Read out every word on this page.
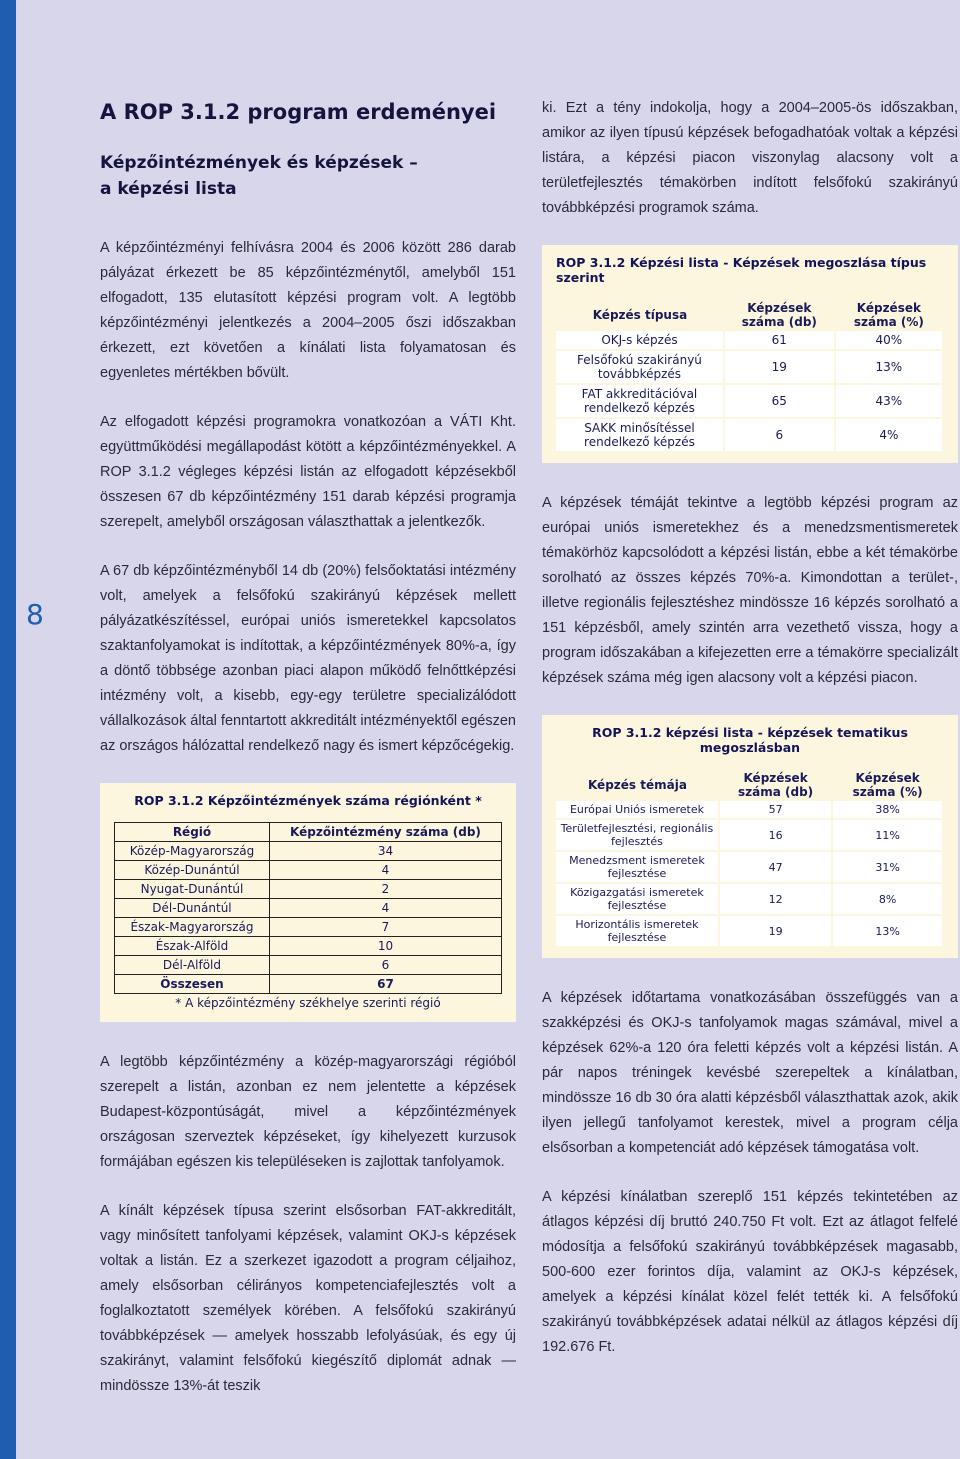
8
A ROP 3.1.2 program erdeményei
Képzőintézmények és képzések –
a képzési lista

A képzőintézményi felhívásra 2004 és 2006 között 286 darab pályázat érkezett be 85 képzőintézménytől, amelyből 151 elfogadott, 135 elutasított képzési program volt. A legtöbb képzőintézményi jelentkezés a 2004–2005 őszi időszakban érkezett, ezt követően a kínálati lista folyamatosan és egyenletes mértékben bővült.

Az elfogadott képzési programokra vonatkozóan a VÁTI Kht. együttműködési megállapodást kötött a képzőintézményekkel. A ROP 3.1.2 végleges képzési listán az elfogadott képzésekből összesen 67 db képzőintézmény 151 darab képzési programja szerepelt, amelyből országosan választhattak a jelentkezők.

A 67 db képzőintézményből 14 db (20%) felsőoktatási intézmény volt, amelyek a felsőfokú szakirányú képzések mellett pályázatkészítéssel, európai uniós ismeretekkel kapcsolatos szaktanfolyamokat is indítottak, a képzőintézmények 80%-a, így a döntő többsége azonban piaci alapon működő felnőttképzési intézmény volt, a kisebb, egy-egy területre specializálódott vállalkozások által fenntartott akkreditált intézményektől egészen az országos hálózattal rendelkező nagy és ismert képzőcégekig.

ROP 3.1.2 Képzőintézmények száma régiónként *
Régió	Képzőintézmény száma (db)
Közép-Magyarország	34
Közép-Dunántúl	4
Nyugat-Dunántúl	2
Dél-Dunántúl	4
Észak-Magyarország	7
Észak-Alföld	10
Dél-Alföld	6
Összesen	67
* A képzőintézmény székhelye szerinti régió	

A legtöbb képzőintézmény a közép-magyarországi régióból szerepelt a listán, azonban ez nem jelentette a képzések Budapest-központúságát, mivel a képzőintézmények országosan szerveztek képzéseket, így kihelyezett kurzusok formájában egészen kis településeken is zajlottak tanfolyamok.

A kínált képzések típusa szerint elsősorban FAT-akkreditált, vagy minősített tanfolyami képzések, valamint OKJ-s képzések voltak a listán. Ez a szerkezet igazodott a program céljaihoz, amely elsősorban célirányos kompetenciafejlesztés volt a foglalkoztatott személyek körében. A felsőfokú szakirányú továbbképzések — amelyek hosszabb lefolyásúak, és egy új szakirányt, valamint felsőfokú kiegészítő diplomát adnak — mindössze 13%-át teszik

ki. Ezt a tény indokolja, hogy a 2004–2005-ös időszakban, amikor az ilyen típusú képzések befogadhatóak voltak a képzési listára, a képzési piacon viszonylag alacsony volt a területfejlesztés témakörben indított felsőfokú szakirányú továbbképzési programok száma.

ROP 3.1.2 Képzési lista - Képzések megoszlása típus szerint
Képzés típusa	Képzések száma (db)	Képzések száma (%)
OKJ-s képzés	61	40%
Felsőfokú szakirányú továbbképzés	19	13%
FAT akkreditációval rendelkező képzés	65	43%
SAKK minősítéssel rendelkező képzés	6	4%

A képzések témáját tekintve a legtöbb képzési program az európai uniós ismeretekhez és a menedzsmentismeretek témakörhöz kapcsolódott a képzési listán, ebbe a két témakörbe sorolható az összes képzés 70%-a. Kimondottan a terület-, illetve regionális fejlesztéshez mindössze 16 képzés sorolható a 151 képzésből, amely szintén arra vezethető vissza, hogy a program időszakában a kifejezetten erre a témakörre specializált képzések száma még igen alacsony volt a képzési piacon.

ROP 3.1.2 képzési lista - képzések tematikus megoszlásban
Képzés témája	Képzések száma (db)	Képzések száma (%)
Európai Uniós ismeretek	57	38%
Területfejlesztési, regionális fejlesztés	16	11%
Menedzsment ismeretek fejlesztése	47	31%
Közigazgatási ismeretek fejlesztése	12	8%
Horizontális ismeretek fejlesztése	19	13%

A képzések időtartama vonatkozásában összefüggés van a szakképzési és OKJ-s tanfolyamok magas számával, mivel a képzések 62%-a 120 óra feletti képzés volt a képzési listán. A pár napos tréningek kevésbé szerepeltek a kínálatban, mindössze 16 db 30 óra alatti képzésből választhattak azok, akik ilyen jellegű tanfolyamot kerestek, mivel a program célja elsősorban a kompetenciát adó képzések támogatása volt.

A képzési kínálatban szereplő 151 képzés tekintetében az átlagos képzési díj bruttó 240.750 Ft volt. Ezt az átlagot felfelé módosítja a felsőfokú szakirányú továbbképzések magasabb, 500-600 ezer forintos díja, valamint az OKJ-s képzések, amelyek a képzési kínálat közel felét tették ki. A felsőfokú szakirányú továbbképzések adatai nélkül az átlagos képzési díj 192.676 Ft.
